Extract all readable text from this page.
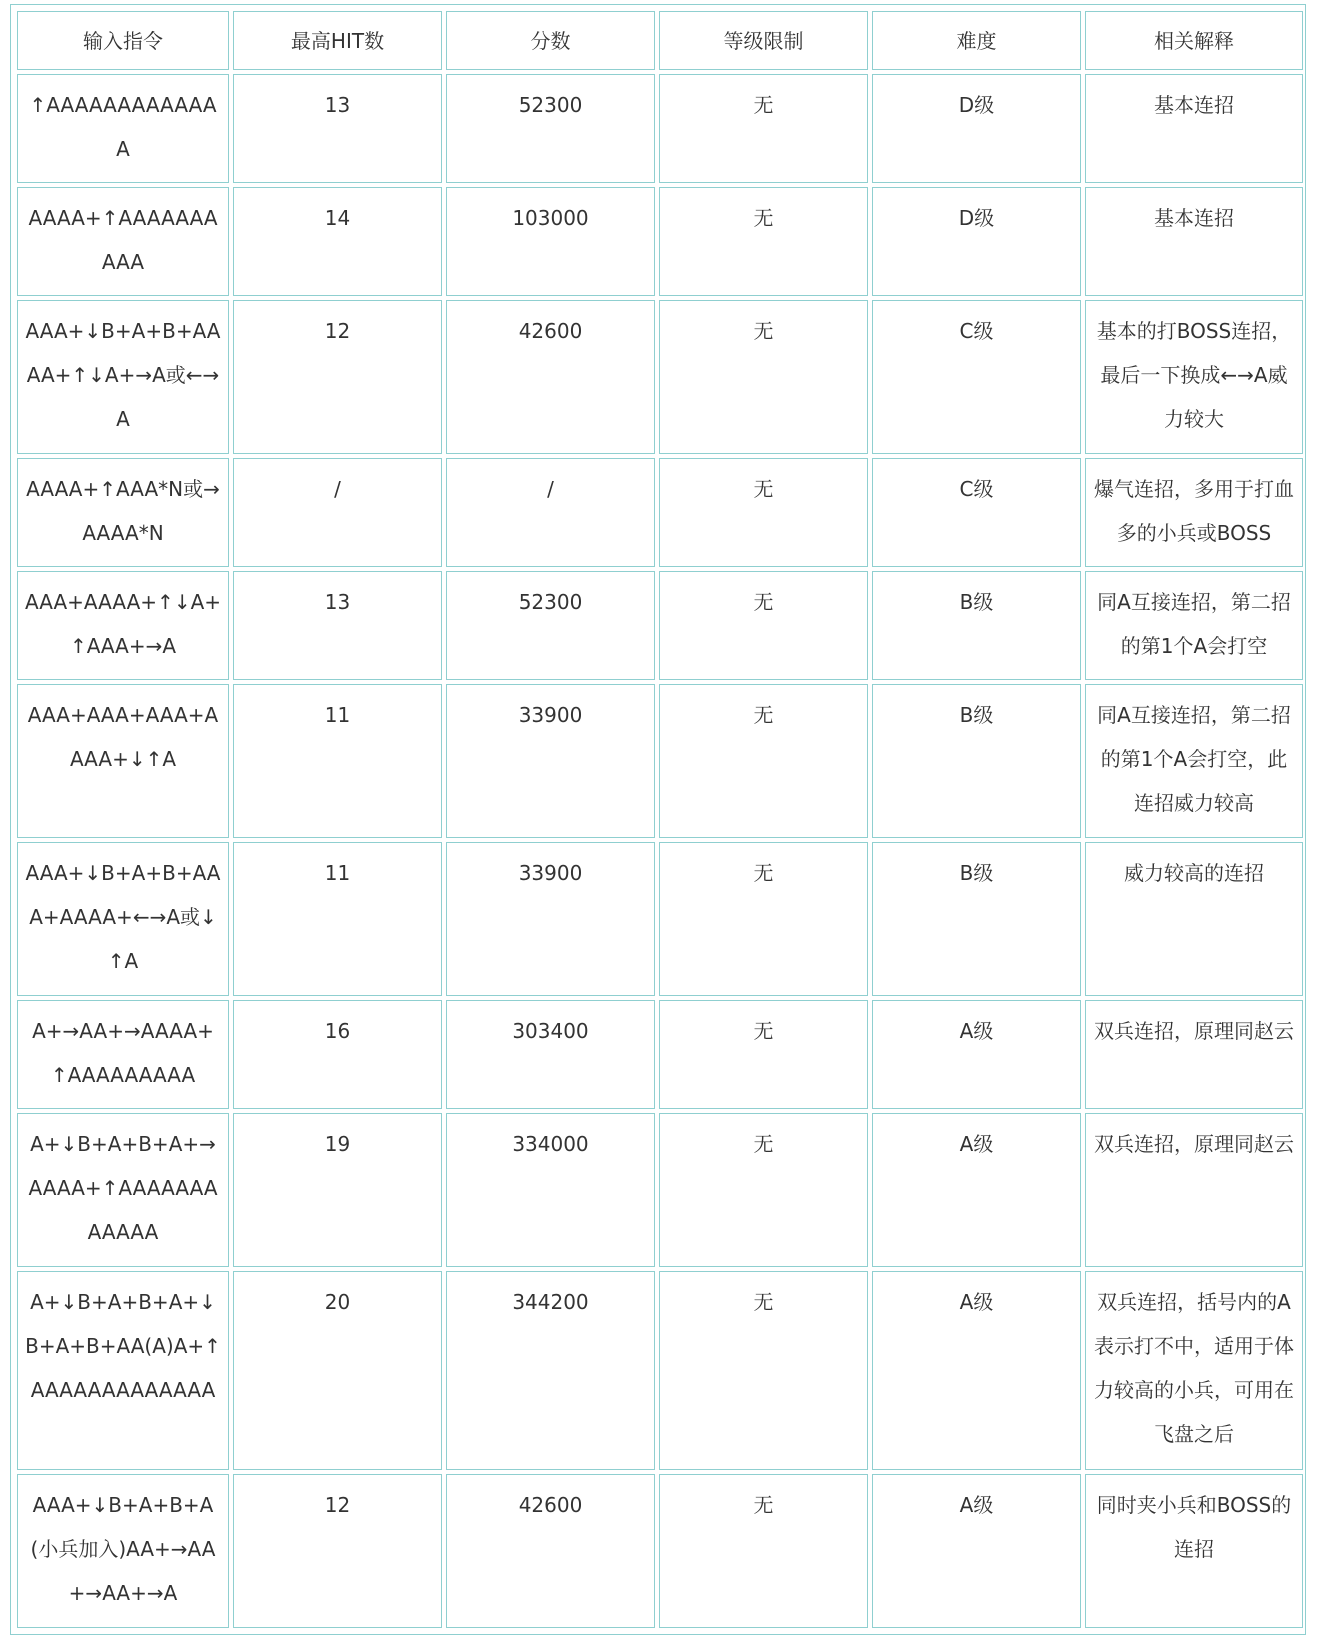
输入指令	最高HIT数	分数	等级限制	难度	相关解释
↑AAAAAAAAAAAAA	13	52300	无	D级	基本连招
AAAA+↑AAAAAAAAAA	14	103000	无	D级	基本连招
AAA+↓B+A+B+AAAA+↑↓A+→A或←→A	12	42600	无	C级	基本的打BOSS连招，最后一下换成←→A威力较大
AAAA+↑AAA*N或→AAAA*N	/	/	无	C级	爆气连招，多用于打血多的小兵或BOSS
AAA+AAAA+↑↓A+↑AAA+→A	13	52300	无	B级	同A互接连招，第二招的第1个A会打空
AAA+AAA+AAA+AAAA+↓↑A	11	33900	无	B级	同A互接连招，第二招的第1个A会打空，此连招威力较高
AAA+↓B+A+B+AAA+AAAA+←→A或↓↑A	11	33900	无	B级	威力较高的连招
A+→AA+→AAAA+↑AAAAAAAAA	16	303400	无	A级	双兵连招，原理同赵云
A+↓B+A+B+A+→AAAA+↑AAAAAAAAAAAA	19	334000	无	A级	双兵连招，原理同赵云
A+↓B+A+B+A+↓B+A+B+AA(A)A+↑AAAAAAAAAAAAA	20	344200	无	A级	双兵连招，括号内的A表示打不中，适用于体力较高的小兵，可用在飞盘之后
AAA+↓B+A+B+A(小兵加入)AA+→AA+→AA+→A	12	42600	无	A级	同时夹小兵和BOSS的连招
